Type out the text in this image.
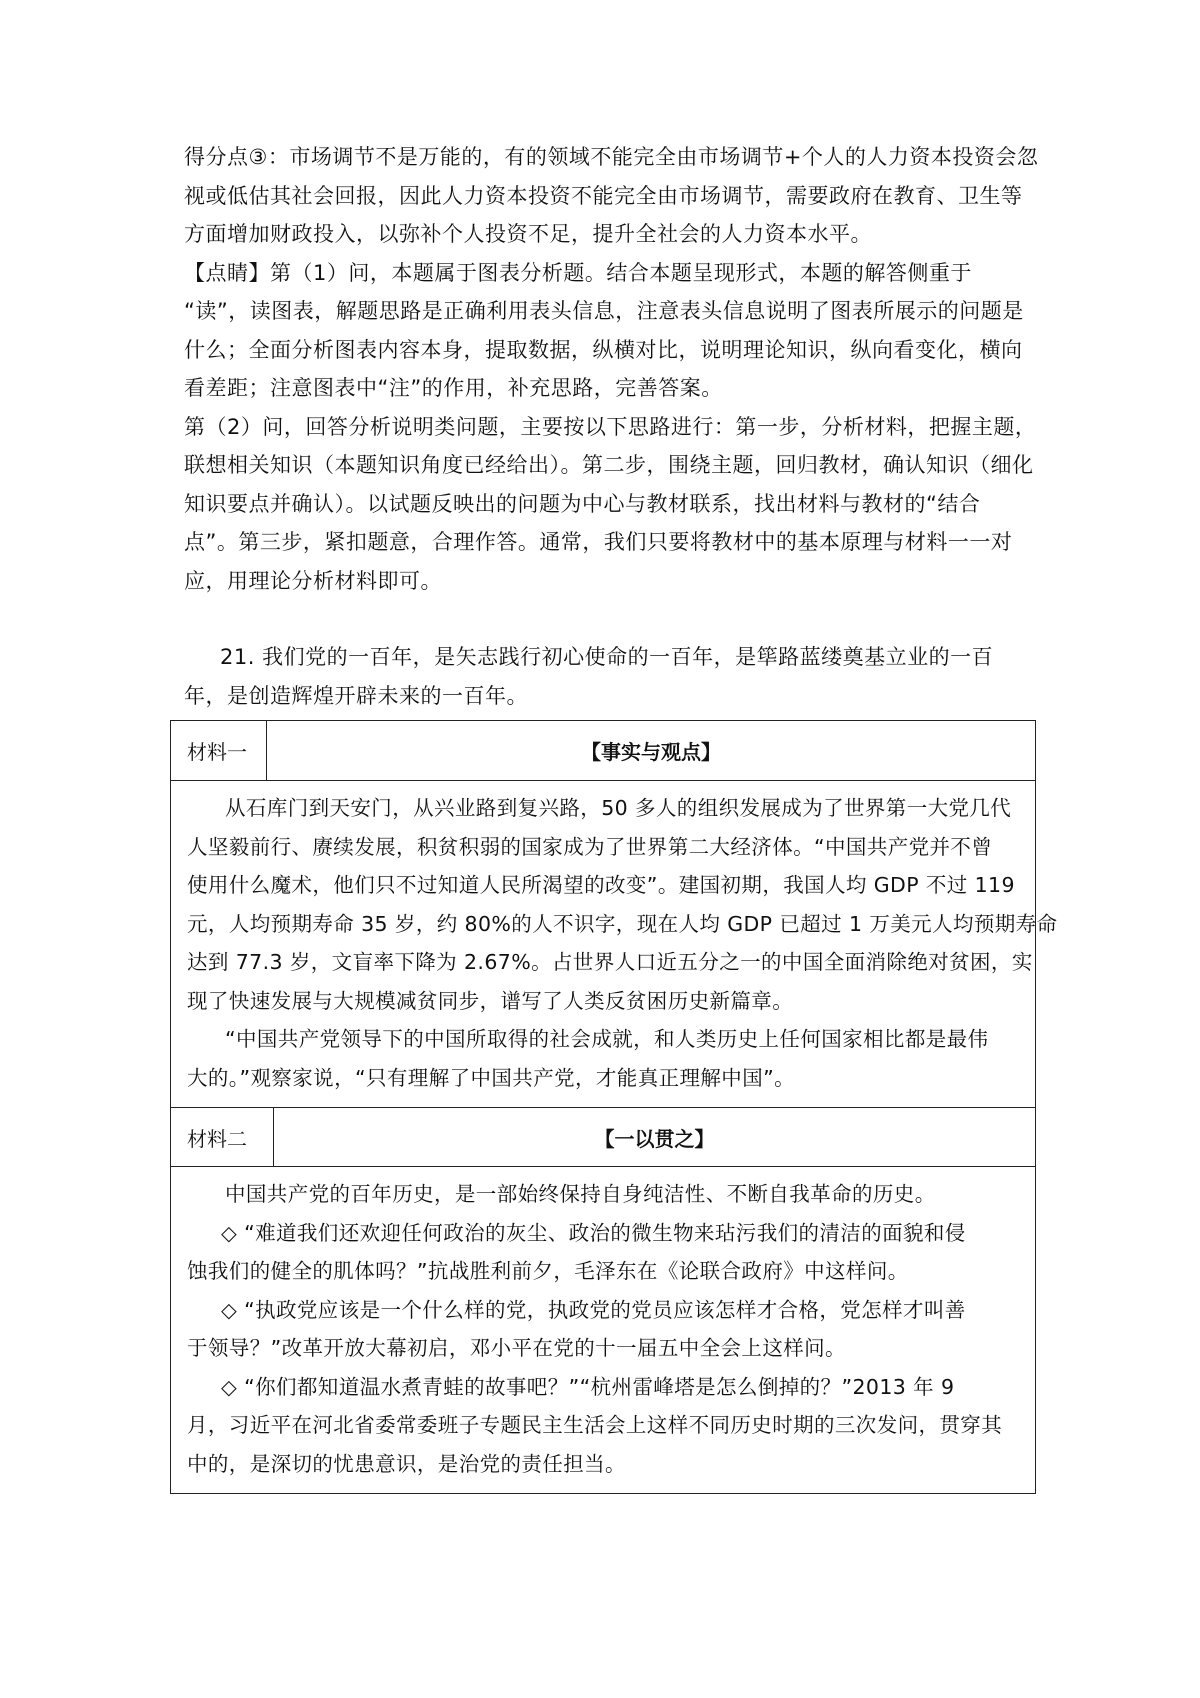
得分点③：市场调节不是万能的，有的领域不能完全由市场调节+个人的人力资本投资会忽
视或低估其社会回报，因此人力资本投资不能完全由市场调节，需要政府在教育、卫生等
方面增加财政投入，以弥补个人投资不足，提升全社会的人力资本水平。
【点睛】第（1）问，本题属于图表分析题。结合本题呈现形式，本题的解答侧重于
“读”，读图表，解题思路是正确利用表头信息，注意表头信息说明了图表所展示的问题是
什么；全面分析图表内容本身，提取数据，纵横对比，说明理论知识，纵向看变化，横向
看差距；注意图表中“注”的作用，补充思路，完善答案。
第（2）问，回答分析说明类问题，主要按以下思路进行：第一步，分析材料，把握主题，
联想相关知识（本题知识角度已经给出）。第二步，围绕主题，回归教材，确认知识（细化
知识要点并确认）。以试题反映出的问题为中心与教材联系，找出材料与教材的“结合
点”。第三步，紧扣题意，合理作答。通常，我们只要将教材中的基本原理与材料一一对
应，用理论分析材料即可。
21. 我们党的一百年，是矢志践行初心使命的一百年，是筚路蓝缕奠基立业的一百
年，是创造辉煌开辟未来的一百年。
材料一	【事实与观点】
从石库门到天安门，从兴业路到复兴路，50 多人的组织发展成为了世界第一大党几代
人坚毅前行、赓续发展，积贫积弱的国家成为了世界第二大经济体。“中国共产党并不曾
使用什么魔术，他们只不过知道人民所渴望的改变”。建国初期，我国人均 GDP 不过 119
元，人均预期寿命 35 岁，约 80%的人不识字，现在人均 GDP 已超过 1 万美元人均预期寿命
达到 77.3 岁，文盲率下降为 2.67%。占世界人口近五分之一的中国全面消除绝对贫困，实
现了快速发展与大规模减贫同步，谱写了人类反贫困历史新篇章。
“中国共产党领导下的中国所取得的社会成就，和人类历史上任何国家相比都是最伟
大的。”观察家说，“只有理解了中国共产党，才能真正理解中国”。
材料二	【一以贯之】
中国共产党的百年历史，是一部始终保持自身纯洁性、不断自我革命的历史。
◇ “难道我们还欢迎任何政治的灰尘、政治的微生物来玷污我们的清洁的面貌和侵
蚀我们的健全的肌体吗？”抗战胜利前夕，毛泽东在《论联合政府》中这样问。
◇ “执政党应该是一个什么样的党，执政党的党员应该怎样才合格，党怎样才叫善
于领导？”改革开放大幕初启，邓小平在党的十一届五中全会上这样问。
◇ “你们都知道温水煮青蛙的故事吧？”“杭州雷峰塔是怎么倒掉的？”2013 年 9
月，习近平在河北省委常委班子专题民主生活会上这样不同历史时期的三次发问，贯穿其
中的，是深切的忧患意识，是治党的责任担当。
